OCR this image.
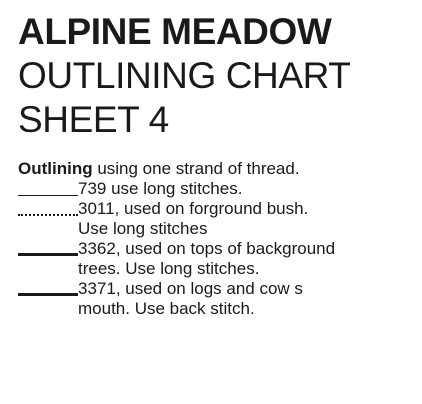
ALPINE MEADOW
OUTLINING CHART
SHEET 4
Outlining using one strand of thread.
739 use long stitches.
3011, used on forground bush.
Use long stitches
3362, used on tops of background
trees. Use long stitches.
3371, used on logs and cow s
mouth. Use back stitch.
